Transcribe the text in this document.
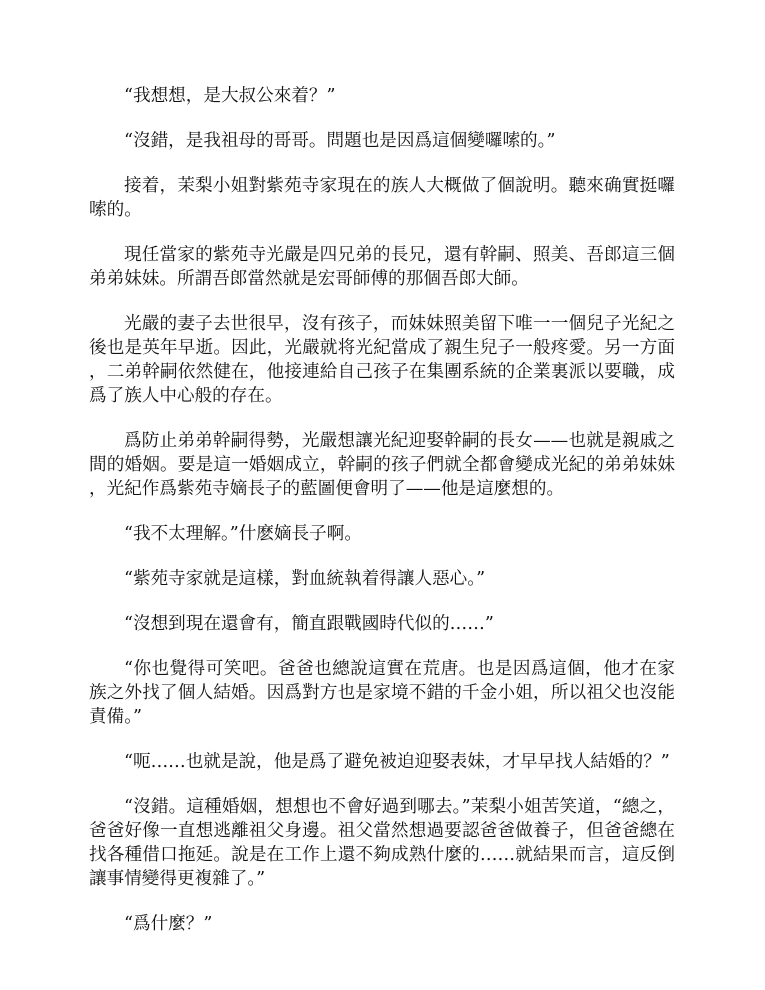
“我想想，是大叔公來着？”

“沒錯，是我祖母的哥哥。問題也是因爲這個變囉嗦的。”

接着，茉梨小姐對紫苑寺家現在的族人大概做了個說明。聽來确實挺囉嗦的。

現任當家的紫苑寺光嚴是四兄弟的長兄，還有幹嗣、照美、吾郎這三個弟弟妹妹。所謂吾郎當然就是宏哥師傅的那個吾郎大師。

光嚴的妻子去世很早，沒有孩子，而妹妹照美留下唯一一個兒子光紀之後也是英年早逝。因此，光嚴就将光紀當成了親生兒子一般疼愛。另一方面，二弟幹嗣依然健在，他接連給自己孩子在集團系統的企業裏派以要職，成爲了族人中心般的存在。

爲防止弟弟幹嗣得勢，光嚴想讓光紀迎娶幹嗣的長女——也就是親戚之間的婚姻。要是這一婚姻成立，幹嗣的孩子們就全都會變成光紀的弟弟妹妹，光紀作爲紫苑寺嫡長子的藍圖便會明了——他是這麼想的。

“我不太理解。”什麽嫡長子啊。

“紫苑寺家就是這樣，對血統執着得讓人惡心。”

“沒想到現在還會有，簡直跟戰國時代似的……”

“你也覺得可笑吧。爸爸也總說這實在荒唐。也是因爲這個，他才在家族之外找了個人結婚。因爲對方也是家境不錯的千金小姐，所以祖父也沒能責備。”

“呃……也就是說，他是爲了避免被迫迎娶表妹，才早早找人結婚的？”

“沒錯。這種婚姻，想想也不會好過到哪去。”茉梨小姐苦笑道，“總之，爸爸好像一直想逃離祖父身邊。祖父當然想過要認爸爸做養子，但爸爸總在找各種借口拖延。說是在工作上還不夠成熟什麼的……就結果而言，這反倒讓事情變得更複雜了。”

“爲什麼？”
